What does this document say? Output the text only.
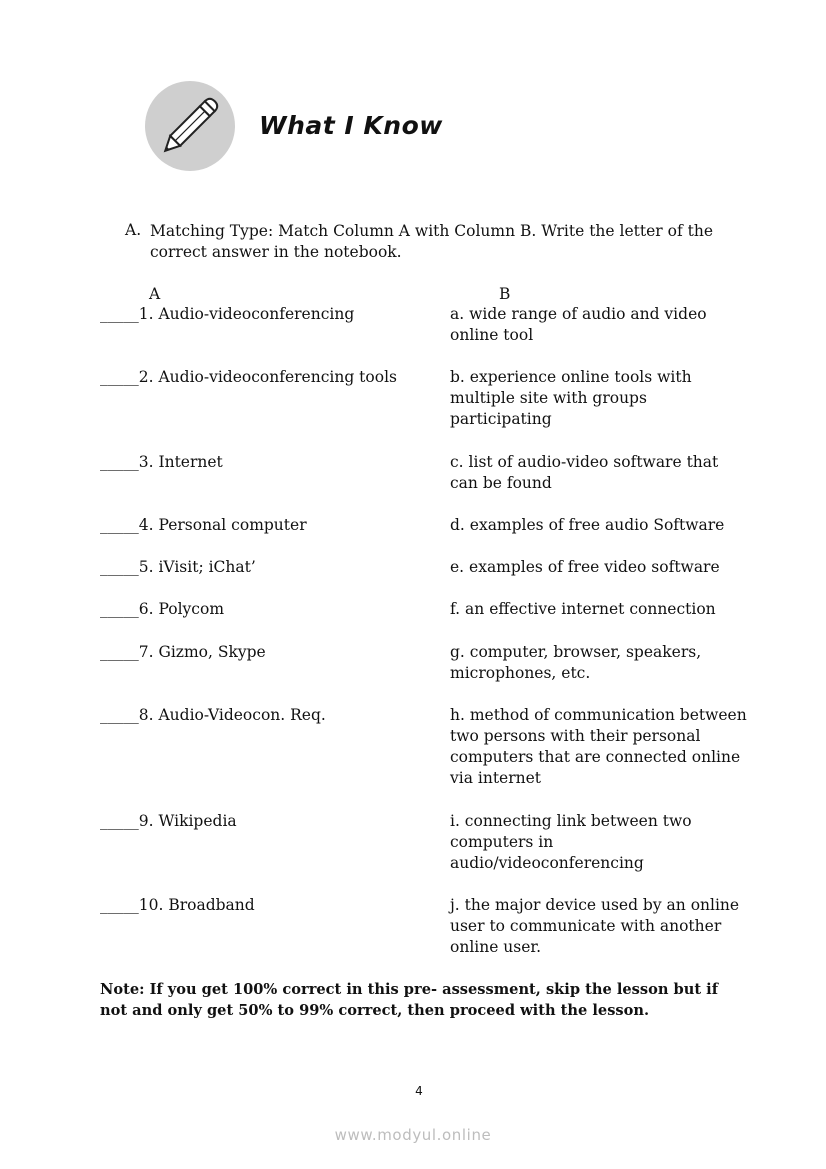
What I Know
A. Matching Type: Match Column A with Column B. Write the letter of the correct answer in the notebook.
A	B
_____1. Audio-videoconferencing	a. wide range of audio and video online tool
_____2. Audio-videoconferencing tools	b. experience online tools with multiple site with groups participating
_____3. Internet	c. list of audio-video software that can be found
_____4. Personal computer	d. examples of free audio Software
_____5. iVisit; iChat’	e. examples of free video software
_____6. Polycom	f. an effective internet connection
_____7. Gizmo, Skype	g. computer, browser, speakers, microphones, etc.
_____8. Audio-Videocon. Req.	h. method of communication between two persons with their personal computers that are connected online via internet
_____9. Wikipedia	i. connecting link between two computers in audio/videoconferencing
_____10. Broadband	j. the major device used by an online user to communicate with another online user.
Note: If you get 100% correct in this pre- assessment, skip the lesson but if not and only get 50% to 99% correct, then proceed with the lesson.
4
www.modyul.online
